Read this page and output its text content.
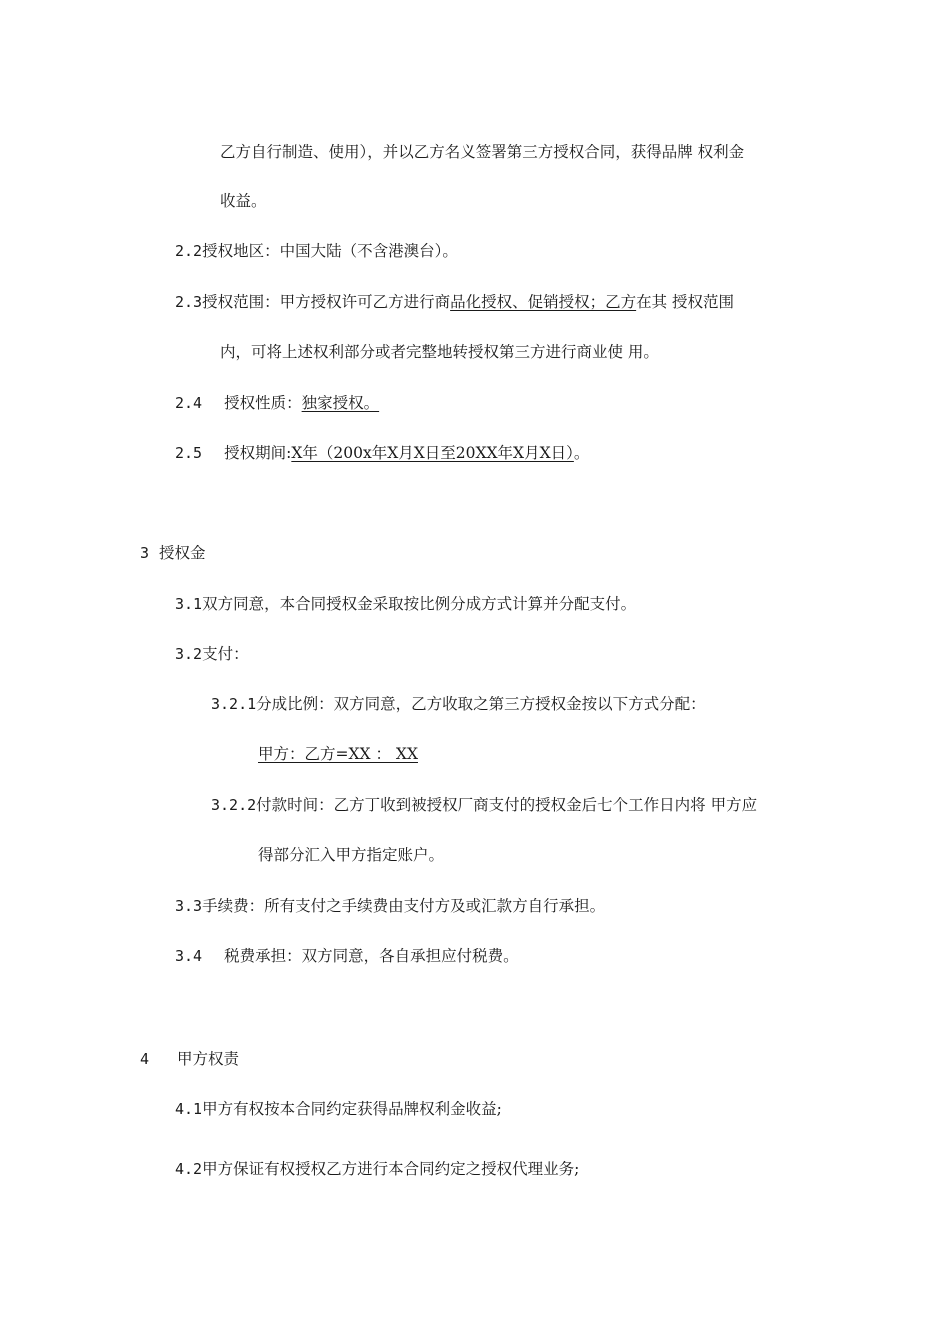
乙方自行制造、使用），并以乙方名义签署第三方授权合同，获得品牌 权利金
收益。
2.2授权地区：中国大陆（不含港澳台）。
2.3授权范围：甲方授权许可乙方进行商品化授权、促销授权；乙方在其 授权范围
内，可将上述权利部分或者完整地转授权第三方进行商业使 用。
2.4 授权性质：独家授权。
2.5 授权期间:X年（200x年X月X日至20XX年X月X日）。
3 授权金
3.1双方同意，本合同授权金采取按比例分成方式计算并分配支付。
3.2支付：
3.2.1分成比例：双方同意，乙方收取之第三方授权金按以下方式分配：
甲方：乙方=XX ： XX
3.2.2付款时间：乙方丁收到被授权厂商支付的授权金后七个工作日内将 甲方应
得部分汇入甲方指定账户。
3.3手续费：所有支付之手续费由支付方及或汇款方自行承担。
3.4 税费承担：双方同意，各自承担应付税费。
4 甲方权责
4.1甲方有权按本合同约定获得品牌权利金收益;
4.2甲方保证有权授权乙方进行本合同约定之授权代理业务;
